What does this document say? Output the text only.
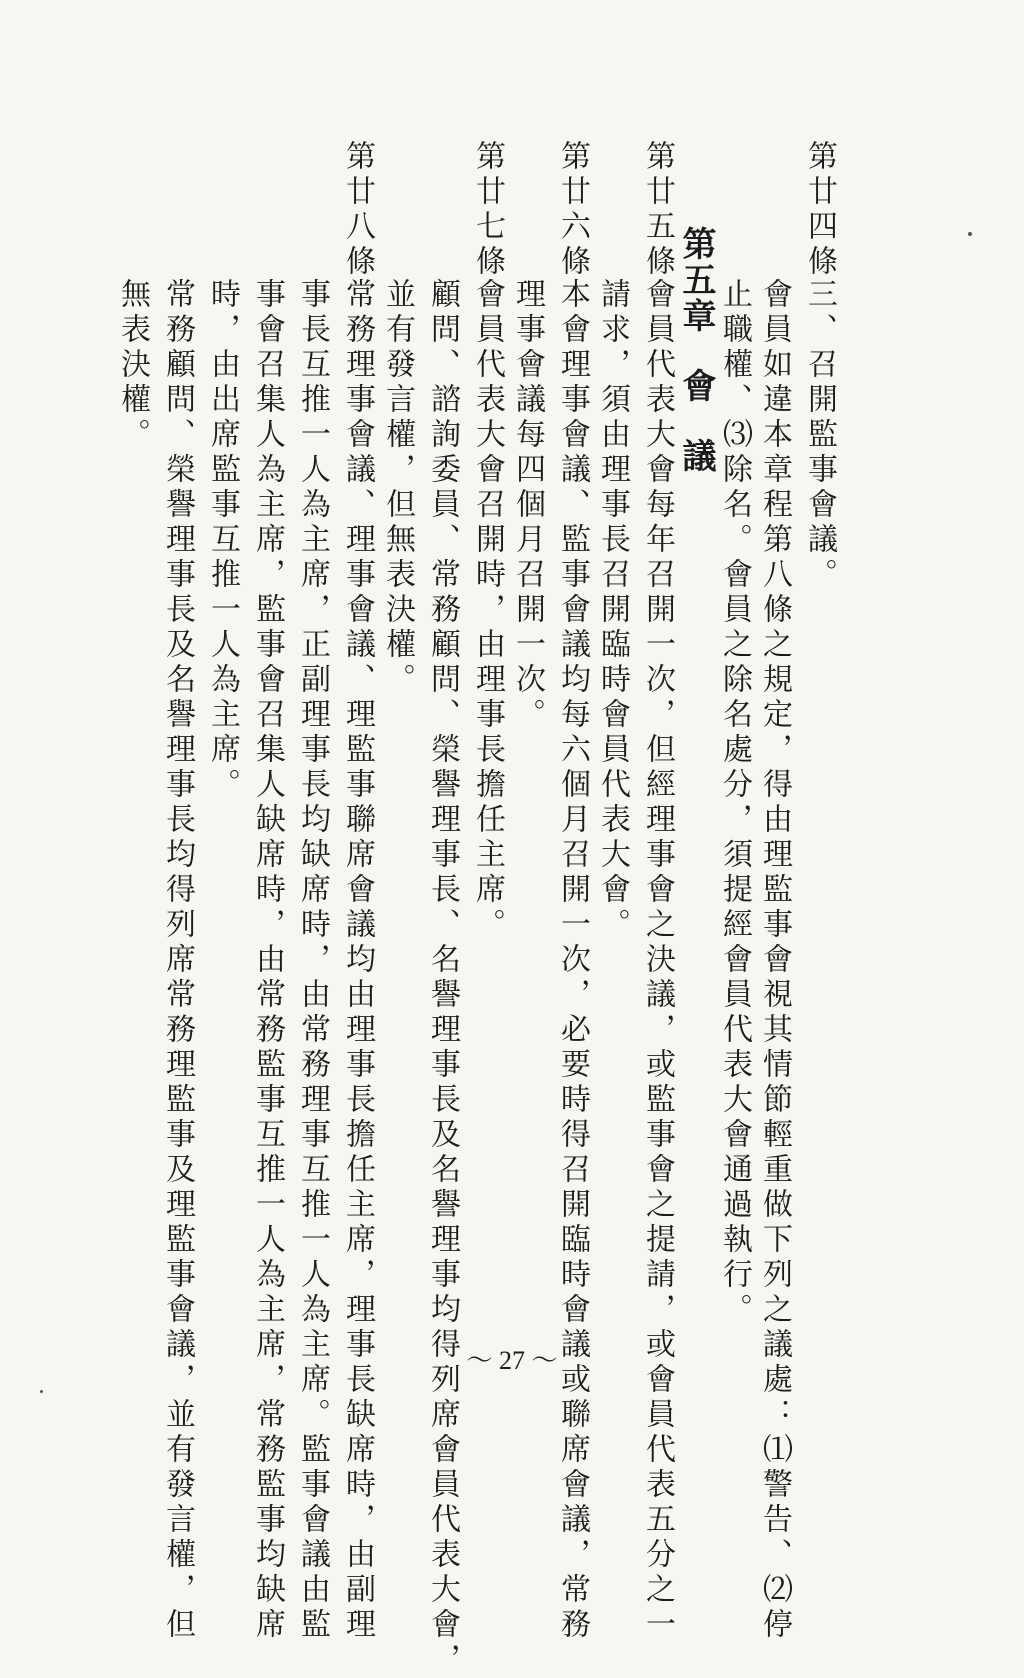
第廿四條
三、召開監事會議。
會員如違本章程第八條之規定，得由理監事會視其情節輕重做下列之議處：⑴警告、⑵停
止職權、⑶除名。會員之除名處分，須提經會員代表大會通過執行。
第五章會議
第廿五條
會員代表大會每年召開一次，但經理事會之決議，或監事會之提請，或會員代表五分之一
請求，須由理事長召開臨時會員代表大會。
第廿六條
本會理事會議、監事會議均每六個月召開一次，必要時得召開臨時會議或聯席會議，常務
理事會議每四個月召開一次。
第廿七條
會員代表大會召開時，由理事長擔任主席。
顧問、諮詢委員、常務顧問、榮譽理事長、名譽理事長及名譽理事均得列席會員代表大會，
並有發言權，但無表決權。
第廿八條
常務理事會議、理事會議、理監事聯席會議均由理事長擔任主席，理事長缺席時，由副理
事長互推一人為主席，正副理事長均缺席時，由常務理事互推一人為主席。監事會議由監
事會召集人為主席，監事會召集人缺席時，由常務監事互推一人為主席，常務監事均缺席
時，由出席監事互推一人為主席。
常務顧問、榮譽理事長及名譽理事長均得列席常務理監事及理監事會議，並有發言權，但
無表決權。
～ 27 ～
